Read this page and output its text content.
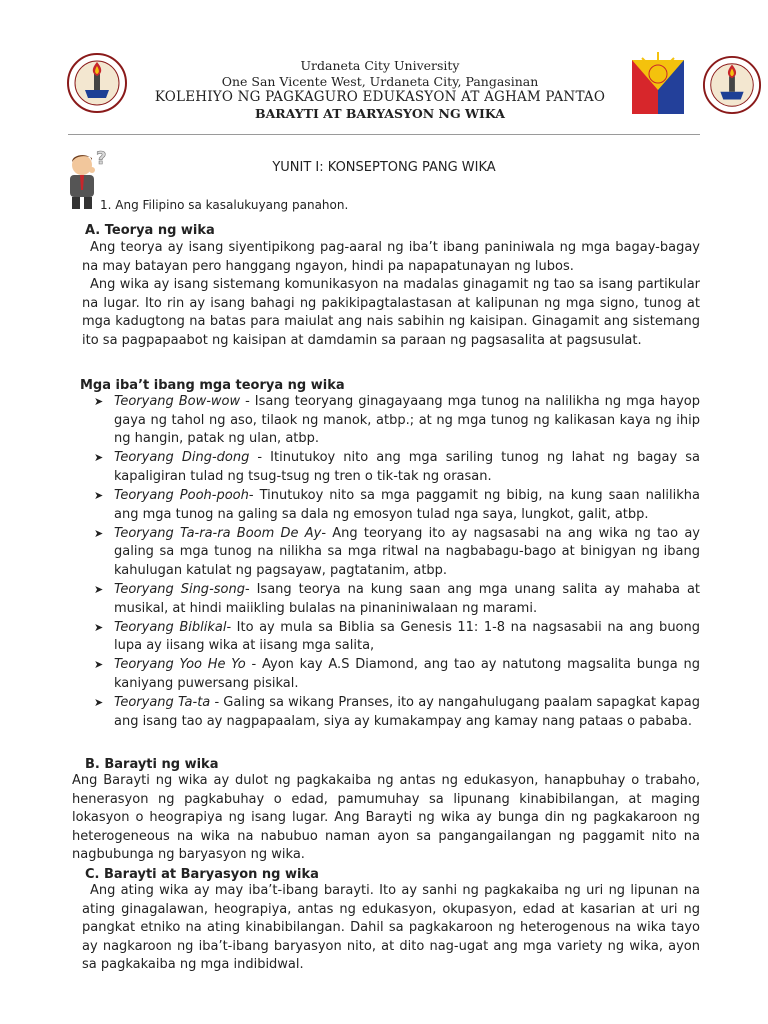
Urdaneta City University
One San Vicente West, Urdaneta City, Pangasinan
KOLEHIYO NG PAGKAGURO EDUKASYON AT AGHAM PANTAO
BARAYTI AT BARYASYON NG WIKA
?	YUNIT I: KONSEPTONG PANG WIKA
1. Ang Filipino sa kasalukuyang panahon.
A. Teorya ng wika
Ang teorya ay isang siyentipikong pag-aaral ng iba’t ibang paniniwala ng mga bagay-bagay na may batayan pero hanggang ngayon, hindi pa napapatunayan ng lubos.
Ang wika ay isang sistemang komunikasyon na madalas ginagamit ng tao sa isang partikular na lugar. Ito rin ay isang bahagi ng pakikipagtalastasan at kalipunan ng mga signo, tunog at mga kadugtong na batas para maiulat ang nais sabihin ng kaisipan. Ginagamit ang sistemang ito sa pagpapaabot ng kaisipan at damdamin sa paraan ng pagsasalita at pagsusulat.
Mga iba’t ibang mga teorya ng wika
➤ Teoryang Bow-wow - Isang teoryang ginagayaang mga tunog na nalilikha ng mga hayop gaya ng tahol ng aso, tilaok ng manok, atbp.; at ng mga tunog ng kalikasan kaya ng ihip ng hangin, patak ng ulan, atbp.
➤ Teoryang Ding-dong - Itinutukoy nito ang mga sariling tunog ng lahat ng bagay sa kapaligiran tulad ng tsug-tsug ng tren o tik-tak ng orasan.
➤ Teoryang Pooh-pooh- Tinutukoy nito sa mga paggamit ng bibig, na kung saan nalilikha ang mga tunog na galing sa dala ng emosyon tulad nga saya, lungkot, galit, atbp.
➤ Teoryang Ta-ra-ra Boom De Ay- Ang teoryang ito ay nagsasabi na ang wika ng tao ay galing sa mga tunog na nilikha sa mga ritwal na nagbabagu-bago at binigyan ng ibang kahulugan katulat ng pagsayaw, pagtatanim, atbp.
➤ Teoryang Sing-song- Isang teorya na kung saan ang mga unang salita ay mahaba at musikal, at hindi maiikling bulalas na pinaniniwalaan ng marami.
➤ Teoryang Biblikal- Ito ay mula sa Biblia sa Genesis 11: 1-8 na nagsasabii na ang buong lupa ay iisang wika at iisang mga salita,
➤ Teoryang Yoo He Yo - Ayon kay A.S Diamond, ang tao ay natutong magsalita bunga ng kaniyang puwersang pisikal.
➤ Teoryang Ta-ta - Galing sa wikang Pranses, ito ay nangahulugang paalam sapagkat kapag ang isang tao ay nagpapaalam, siya ay kumakampay ang kamay nang pataas o pababa.
B. Barayti ng wika
Ang Barayti ng wika ay dulot ng pagkakaiba ng antas ng edukasyon, hanapbuhay o trabaho, henerasyon ng pagkabuhay o edad, pamumuhay sa lipunang kinabibilangan, at maging lokasyon o heograpiya ng isang lugar. Ang Barayti ng wika ay bunga din ng pagkakaroon ng heterogeneous na wika na nabubuo naman ayon sa pangangailangan ng paggamit nito na nagbubunga ng baryasyon ng wika.
C. Barayti at Baryasyon ng wika
Ang ating wika ay may iba’t-ibang barayti. Ito ay sanhi ng pagkakaiba ng uri ng lipunan na ating ginagalawan, heograpiya, antas ng edukasyon, okupasyon, edad at kasarian at uri ng pangkat etniko na ating kinabibilangan. Dahil sa pagkakaroon ng heterogenous na wika tayo ay nagkaroon ng iba’t-ibang baryasyon nito, at dito nag-ugat ang mga variety ng wika, ayon sa pagkakaiba ng mga indibidwal.
